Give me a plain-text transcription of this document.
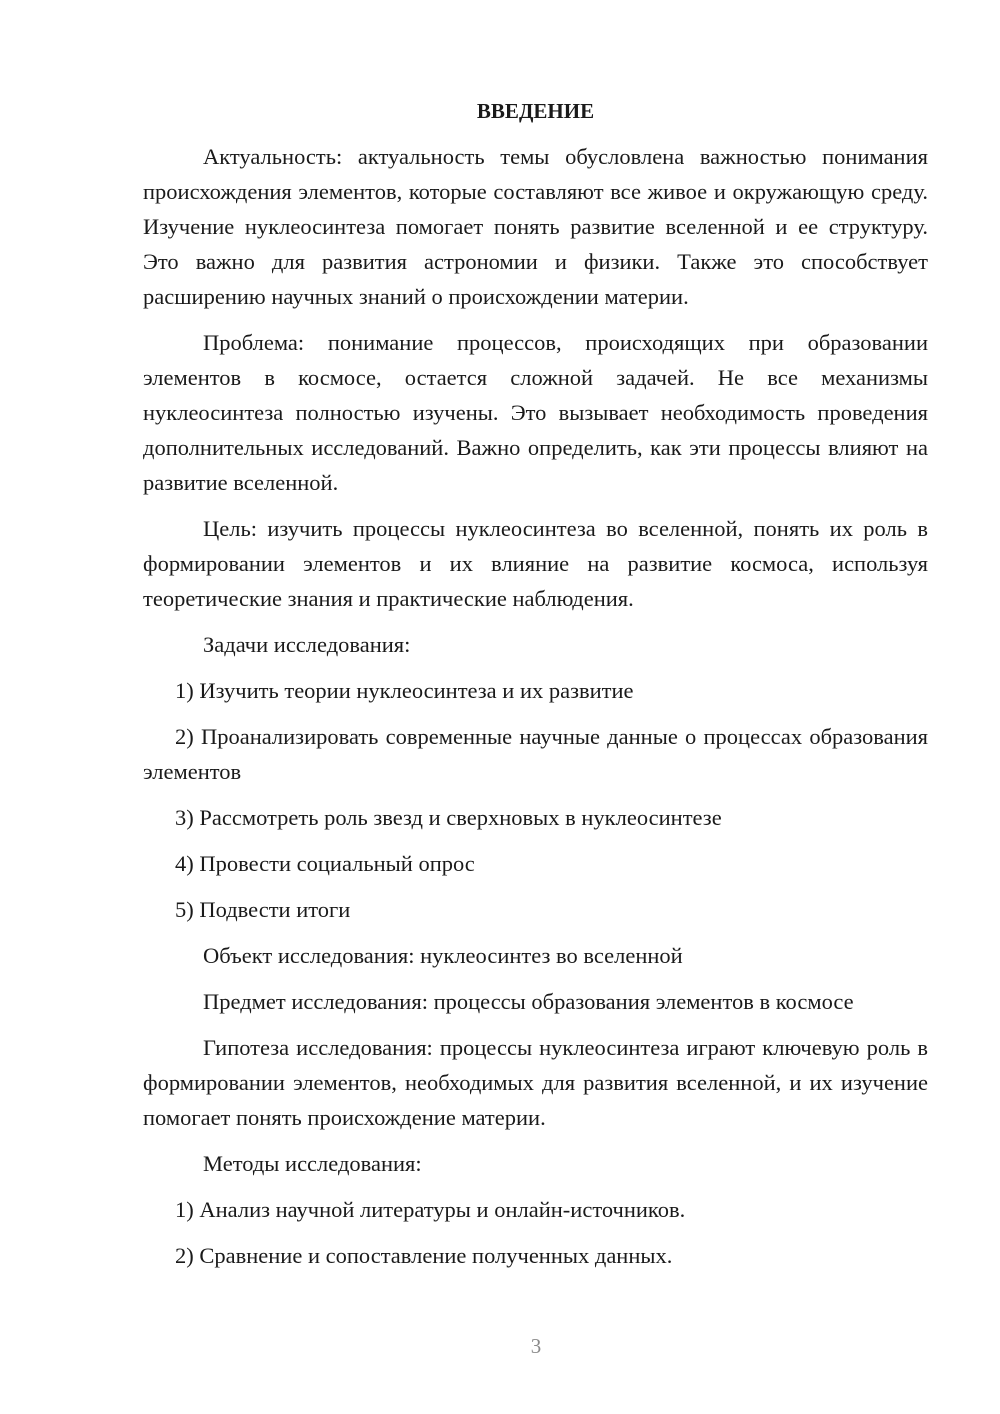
ВВЕДЕНИЕ

Актуальность: актуальность темы обусловлена важностью понимания происхождения элементов, которые составляют все живое и окружающую среду. Изучение нуклеосинтеза помогает понять развитие вселенной и ее структуру. Это важно для развития астрономии и физики. Также это способствует расширению научных знаний о происхождении материи.

Проблема: понимание процессов, происходящих при образовании элементов в космосе, остается сложной задачей. Не все механизмы нуклеосинтеза полностью изучены. Это вызывает необходимость проведения дополнительных исследований. Важно определить, как эти процессы влияют на развитие вселенной.

Цель: изучить процессы нуклеосинтеза во вселенной, понять их роль в формировании элементов и их влияние на развитие космоса, используя теоретические знания и практические наблюдения.

Задачи исследования:

1) Изучить теории нуклеосинтеза и их развитие

2) Проанализировать современные научные данные о процессах образования элементов

3) Рассмотреть роль звезд и сверхновых в нуклеосинтезе

4) Провести социальный опрос

5) Подвести итоги

Объект исследования: нуклеосинтез во вселенной

Предмет исследования: процессы образования элементов в космосе

Гипотеза исследования: процессы нуклеосинтеза играют ключевую роль в формировании элементов, необходимых для развития вселенной, и их изучение помогает понять происхождение материи.

Методы исследования:

1) Анализ научной литературы и онлайн-источников.

2) Сравнение и сопоставление полученных данных.

3
